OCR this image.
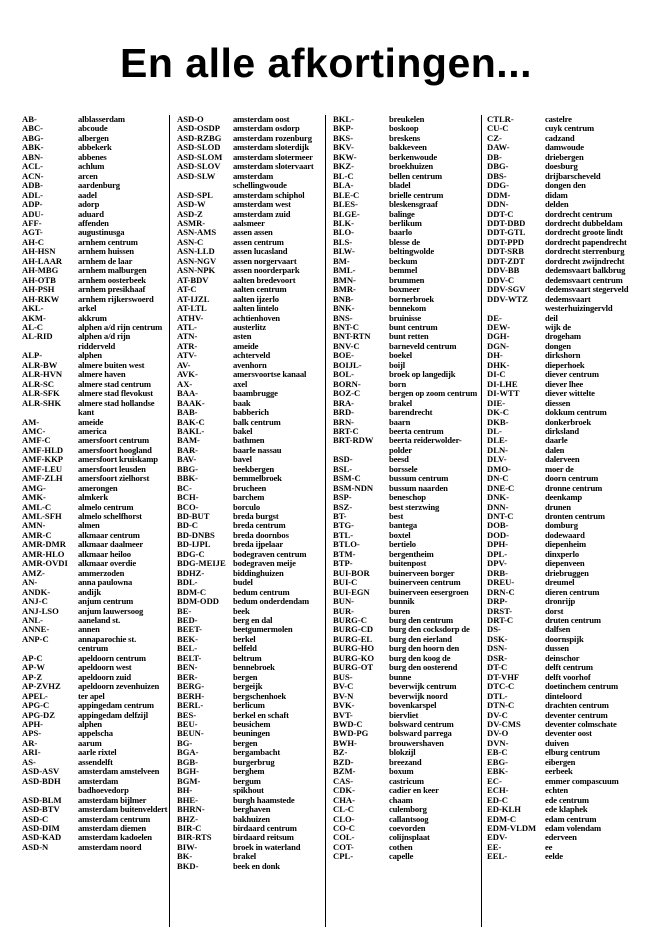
En alle afkortingen...
AB-	alblasserdam
ABC-	abcoude
ABG-	albergen
ABK-	abbekerk
ABN-	abbenes
ACL-	achlum
ACN-	arcen
ADB-	aardenburg
ADL-	aadel
ADP-	adorp
ADU-	aduard
AFF-	affenden
AGT-	augustinusga
AH-C	arnhem centrum
AH-HSN	arnhem huissen
AH-LAAR	arnhem de laar
AH-MBG	arnhem malburgen
AH-OTB	arnhem oosterbeek
AH-PSH	arnhem presikhaaf
AH-RKW	arnhem rijkerswoerd
AKL-	arkel
AKM-	akkrum
AL-C	alphen a/d rijn centrum
AL-RID	alphen a/d rijn ridderveld
ALP-	alphen
ALR-BW	almere buiten west
ALR-HVN	almere haven
ALR-SC	almere stad centrum
ALR-SFK	almere stad flevokust
ALR-SHK	almere stad hollandse kant
AM-	ameide
AMC-	america
AMF-C	amersfoort centrum
AMF-HLD	amersfoort hoogland
AMF-KKP	amersfoort kruiskamp
AMF-LEU	amersfoort leusden
AMF-ZLH	amersfoort zielhorst
AMG-	amerongen
AMK-	almkerk
AML-C	almelo centrum
AML-SFH	almelo schelfhorst
AMN-	almen
AMR-C	alkmaar centrum
AMR-DMR	alkmaar daalmeer
AMR-HLO	alkmaar heiloo
AMR-OVDI	alkmaar overdie
AMZ-	ammerzoden
AN-	anna paulowna
ANDK-	andijk
ANJ-C	anjum centrum
ANJ-LSO	anjum lauwersoog
ANL-	aaneland st.
ANNE-	annen
ANP-C	annaparochie st. centrum
AP-C	apeldoorn centrum
AP-W	apeldoorn west
AP-Z	apeldoorn zuid
AP-ZVHZ	apeldoorn zevenhuizen
APEL-	ter apel
APG-C	appingedam centrum
APG-DZ	appingedam delfzijl
APH-	alphen
APS-	appelscha
AR-	aarum
ARI-	aarle rixtel
AS-	assendelft
ASD-ASV	amsterdam amstelveen
ASD-BDH	amsterdam badhoevedorp
ASD-BLM	amsterdam bijlmer
ASD-BTV	amsterdam buitenveldert
ASD-C	amsterdam centrum
ASD-DIM	amsterdam diemen
ASD-KAD	amsterdam kadoelen
ASD-N	amsterdam noord
ASD-O	amsterdam oost
ASD-OSDP	amsterdam osdorp
ASD-RZBG	amsterdam rozenburg
ASD-SLOD	amsterdam sloterdijk
ASD-SLOM	amsterdam slotermeer
ASD-SLOV	amsterdam slotervaart
ASD-SLW	amsterdam schellingwoude
ASD-SPL	amsterdam schiphol
ASD-W	amsterdam west
ASD-Z	amsterdam zuid
ASMR-	aalsmeer
ASN-AMS	assen assen
ASN-C	assen centrum
ASN-LLD	assen lucasland
ASN-NGV	assen norgervaart
ASN-NPK	assen noorderpark
AT-BDV	aalten bredevoort
AT-C	aalten centrum
AT-IJZL	aalten ijzerlo
AT-LTL	aalten lintelo
ATHV-	achtienhoven
ATL-	austerlitz
ATN-	asten
ATR-	ameide
ATV-	achterveld
AV-	avenhorn
AVK-	amersvoortse kanaal
AX-	axel
BAA-	baambrugge
BAAK-	baak
BAB-	babberich
BAK-C	balk centrum
BAKL-	bakel
BAM-	bathmen
BAR-	baarle nassau
BAV-	bavel
BBG-	beekbergen
BBK-	bemmelbroek
BC-	brucheen
BCH-	barchem
BCO-	borculo
BD-BUT	breda burgst
BD-C	breda centrum
BD-DNBS	breda doornbos
BD-IJPL	breda ijpelaar
BDG-C	bodegraven centrum
BDG-MEIJE bodegraven meije
BDHZ-	biddinghuizen
BDL-	budel
BDM-C	bedum centrum
BDM-ODD	bedum onderdendam
BE-	beek
BED-	berg en dal
BEET-	beetgumermolen
BEK-	berkel
BEL-	belfeld
BELT-	beltrum
BEN-	bennebroek
BER-	bergen
BERG-	bergeijk
BERH-	bergschenhoek
BERL-	berlicum
BES-	berkel en schaft
BEU-	beusichem
BEUN-	beuningen
BG-	bergen
BGA-	bergambacht
BGB-	burgerbrug
BGH-	berghem
BGM-	bergum
BH-	spikhout
BHE-	burgh haamstede
BHRN-	berghaven
BHZ-	bakhuizen
BIR-C	birdaard centrum
BIR-RTS	birdaard reitsum
BIW-	broek in waterland
BK-	brakel
BKD-	beek en donk
BKL-	breukelen
BKP-	boskoop
BKS-	breskens
BKV-	bakkeveen
BKW-	berkenwoude
BKZ-	broekhuizen
BL-C	bellen centrum
BLA-	bladel
BLE-C	brielle centrum
BLES-	bleskensgraaf
BLGE-	balinge
BLK-	berlikum
BLO-	baarlo
BLS-	blesse de
BLW-	beltingwolde
BM-	beckum
BML-	bemmel
BMN-	brummen
BMR-	boxmeer
BNB-	bornerbroek
BNK-	bennekom
BNS-	bruinisse
BNT-C	bunt centrum
BNT-RTN	bunt retten
BNV-C	barneveld centrum
BOE-	boekel
BOIJL-	boijl
BOL-	broek op langedijk
BORN-	born
BOZ-C	bergen op zoom centrum
BRA-	brakel
BRD-	barendrecht
BRN-	baarn
BRT-C	beerta centrum
BRT-RDW	beerta reiderwolder-polder
BSD-	beesd
BSL-	borssele
BSM-C	bussum centrum
BSM-NDN	bussum naarden
BSP-	beneschop
BSZ-	best sterzwing
BT-	best
BTG-	bantega
BTL-	boxtel
BTLO-	bertielo
BTM-	bergentheim
BTP-	buitenpost
BUI-BOR	buinerveen borger
BUI-C	buinerveen centrum
BUI-EGN	buinerveen eesergroen
BUN-	bunnik
BUR-	buren
BURG-C	burg den centrum
BURG-CD	burg den cocksdorp de
BURG-EL	burg den eierland
BURG-HO	burg den hoorn den
BURG-KO	burg den koog de
BURG-OT	burg den oosterend
BUS-	bunne
BV-C	beverwijk centrum
BV-N	beverwijk noord
BVK-	bovenkarspel
BVT-	biervliet
BWD-C	bolsward centrum
BWD-PG	bolsward parrega
BWH-	brouwershaven
BZ-	blokzijl
BZD-	breezand
BZM-	boxum
CAS-	castricum
CDK-	cadier en keer
CHA-	chaam
CL-C	culemborg
CLO-	callantsoog
CO-C	coevorden
COL-	colijnsplaat
COT-	cothen
CPL-	capelle
CTLR-	castelre
CU-C	cuyk centrum
CZ-	cadzand
DAW-	damwoude
DB-	driebergen
DBG-	doesburg
DBS-	drijbarscheveld
DDG-	dongen den
DDM-	didam
DDN-	delden
DDT-C	dordrecht centrum
DDT-DBD	dordrecht dubbeldam
DDT-GTL	dordrecht groote lindt
DDT-PPD	dordrecht papendrecht
DDT-SRB	dordrecht sterrenburg
DDT-ZDT	dordrecht zwijndrecht
DDV-BB	dedemsvaart balkbrug
DDV-C	dedemsvaart centrum
DDV-SGV	dedemsvaart stegerveld
DDV-WTZ	dedemsvaart westerhuizingervld
DE-	deil
DEW-	wijk de
DGH-	drogeham
DGN-	dongen
DH-	dirkshorn
DHK-	dieperhoek
DI-C	diever centrum
DI-LHE	diever lhee
DI-WTT	diever wittelte
DIE-	diessen
DK-C	dokkum centrum
DKB-	donkerbroek
DL-	dirksland
DLE-	daarle
DLN-	dalen
DLV-	dalerveen
DMO-	moer de
DN-C	doorn centrum
DNE-C	dronne centrum
DNK-	deenkamp
DNN-	drunen
DNT-C	dronten centrum
DOB-	domburg
DOD-	dodewaard
DPH-	diepenheim
DPL-	dinxperlo
DPV-	diepenveen
DRB-	driebruggen
DREU-	dreumel
DRN-C	dieren centrum
DRP-	dronrijp
DRST-	dorst
DRT-C	druten centrum
DS-	dalfsen
DSK-	doornspijk
DSN-	dussen
DSR-	deinschor
DT-C	delft centrum
DT-VHF	delft voorhof
DTC-C	doetinchem centrum
DTL-	dinteloord
DTN-C	drachten centrum
DV-C	deventer centrum
DV-CMS	deventer colmschate
DV-O	deventer oost
DVN-	duiven
EB-C	elburg centrum
EBG-	eibergen
EBK-	eerbeek
EC-	emmer compascuum
ECH-	echten
ED-C	ede centrum
ED-KLH	ede klaphek
EDM-C	edam centrum
EDM-VLDM	edam volendam
EDV-	ederveen
EE-	ee
EEL-	eelde
